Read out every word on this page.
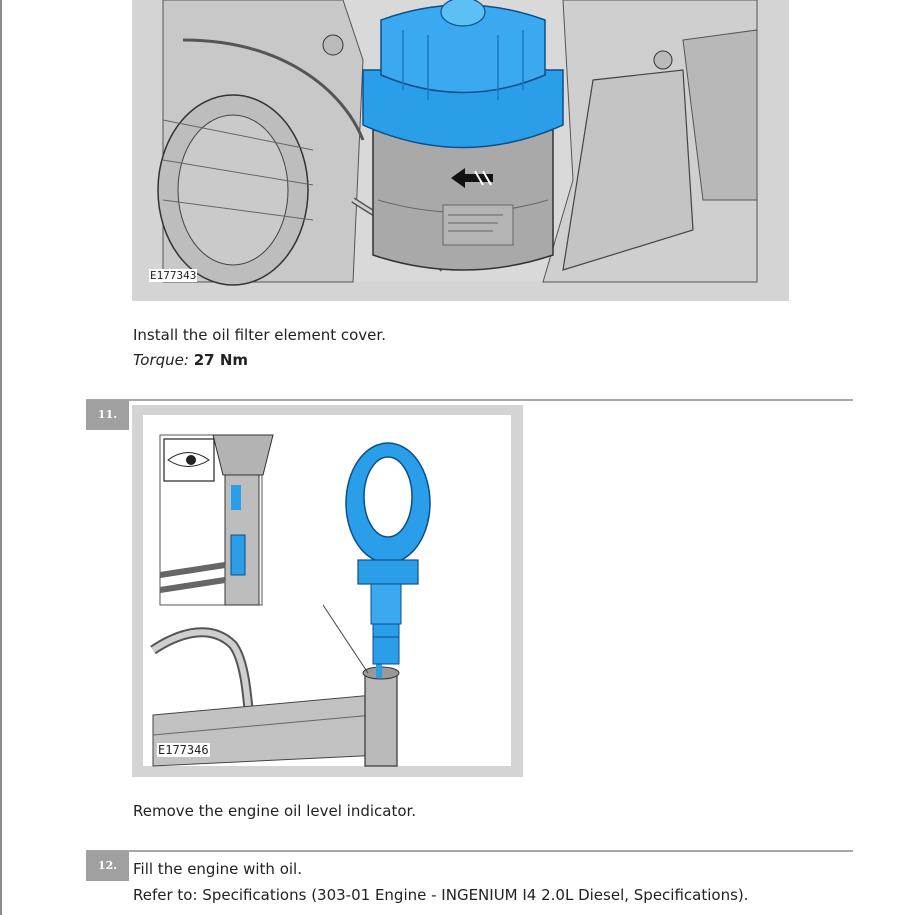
E177343
Install the oil filter element cover.
Torque: 27 Nm
11.
E177346
Remove the engine oil level indicator.
12.	Fill the engine with oil.
Refer to: Specifications (303-01 Engine - INGENIUM I4 2.0L Diesel, Specifications).
